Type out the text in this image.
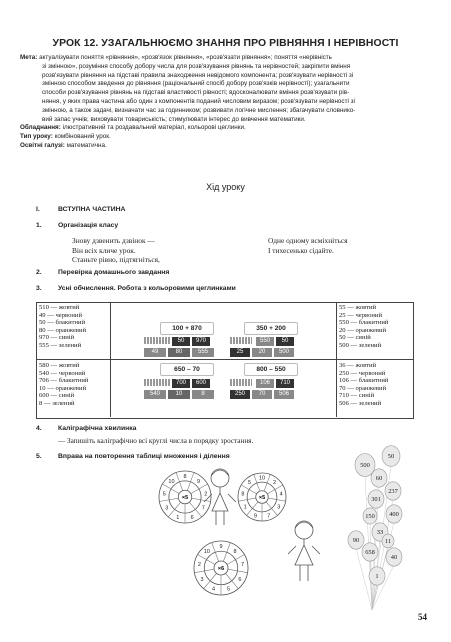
УРОК 12. УЗАГАЛЬНЮЄМО ЗНАННЯ ПРО РІВНЯННЯ І НЕРІВНОСТІ
Мета: актуалізувати поняття «рівняння», «розв'язок рівняння», «розв'язати рівняння»; поняття «нерівність
зі змінною», розуміння способу добору числа для розв'язування рівнянь та нерівностей; закріпити вміння
розв'язувати рівняння на підставі правила знаходження невідомого компонента; розв'язувати нерівності зі
змінною способом зведення до рівняння (раціональний спосіб добору розв'язків нерівності); узагальнити
способи розв'язування рівнянь на підставі властивості рівності; вдосконалювати вміння розв'язувати рів-
няння, у яких права частина або один з компонентів поданий числовим виразом; розв'язувати нерівності зі
змінною, а також задачі, визначати час за годинником; розвивати логічне мислення; збагачувати словнико-
вий запас учнів; виховувати товариськість; стимулювати інтерес до вивчення математики.
Обладнання: ілюстративний та роздавальний матеріал, кольорові цеглинки.
Тип уроку: комбінований урок.
Освітні галузі: математична.
Хід уроку
I.	ВСТУПНА ЧАСТИНА
1. Організація класу
Знову дзвенить дзвінок —
Він всіх кличе урок.
Станьте рівно, підтягніться,
Одне одному всміхніться
І тихесенько сідайте.
2. Перевірка домашнього завдання
3. Усні обчислення. Робота з кольоровими цеглинками
510 — жовтий
49 — червоний
50 — блакитний
80 — оранжевий
970 — синій
555 — зелений
580 — жовтий
540 — червоний
706 — блакитний
10 — оранжевий
600 — синій
8 — зелений
55 — жовтий
25 — червоний
550 — блакитний
20 — оранжевий
50 — синій
500 — зелений
36 — жовтий
250 — червоний
106 — блакитний
70 — оранжевий
710 — синій
506 — зелений
100 + 870
50	970
49	80	555
350 + 200
550	50
25	20	500
650 – 70
700	600
540	10	8
800 – 550
106	710
250	70	506
4. Каліграфічна хвилинка
— Запишіть каліграфічно всі круглі числа в порядку зростання.
5. Вправа на повторення таблиці множення і ділення
8
9
2
7
6
1
3
5
10
×5
10
2
4
3
7
9
1
8
5
×5
9
8
7
6
5
4
3
2
10
×6
500
50
60
237
301
400
150
ЗЗ
90
658
40
1
11
54
